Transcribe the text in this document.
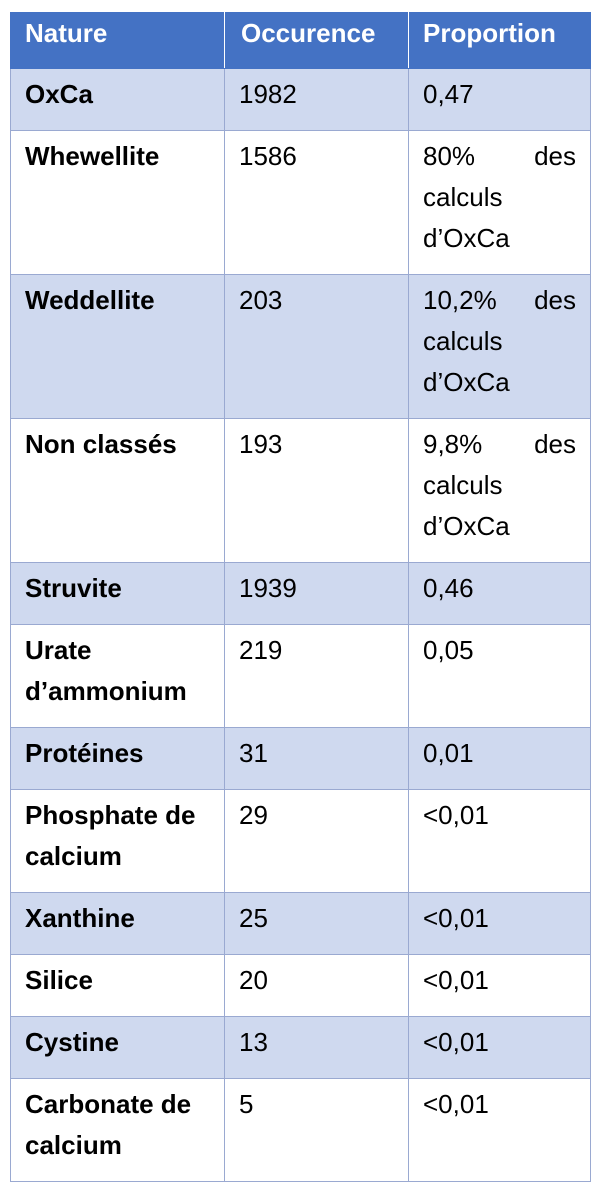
Nature	Occurence	Proportion
OxCa	1982	0,47
Whewellite	1586	80% des calculs d’OxCa
Weddellite	203	10,2% des calculs d’OxCa
Non classés	193	9,8% des calculs d’OxCa
Struvite	1939	0,46
Urate d’ammonium	219	0,05
Protéines	31	0,01
Phosphate de calcium	29	<0,01
Xanthine	25	<0,01
Silice	20	<0,01
Cystine	13	<0,01
Carbonate de calcium	5	<0,01
